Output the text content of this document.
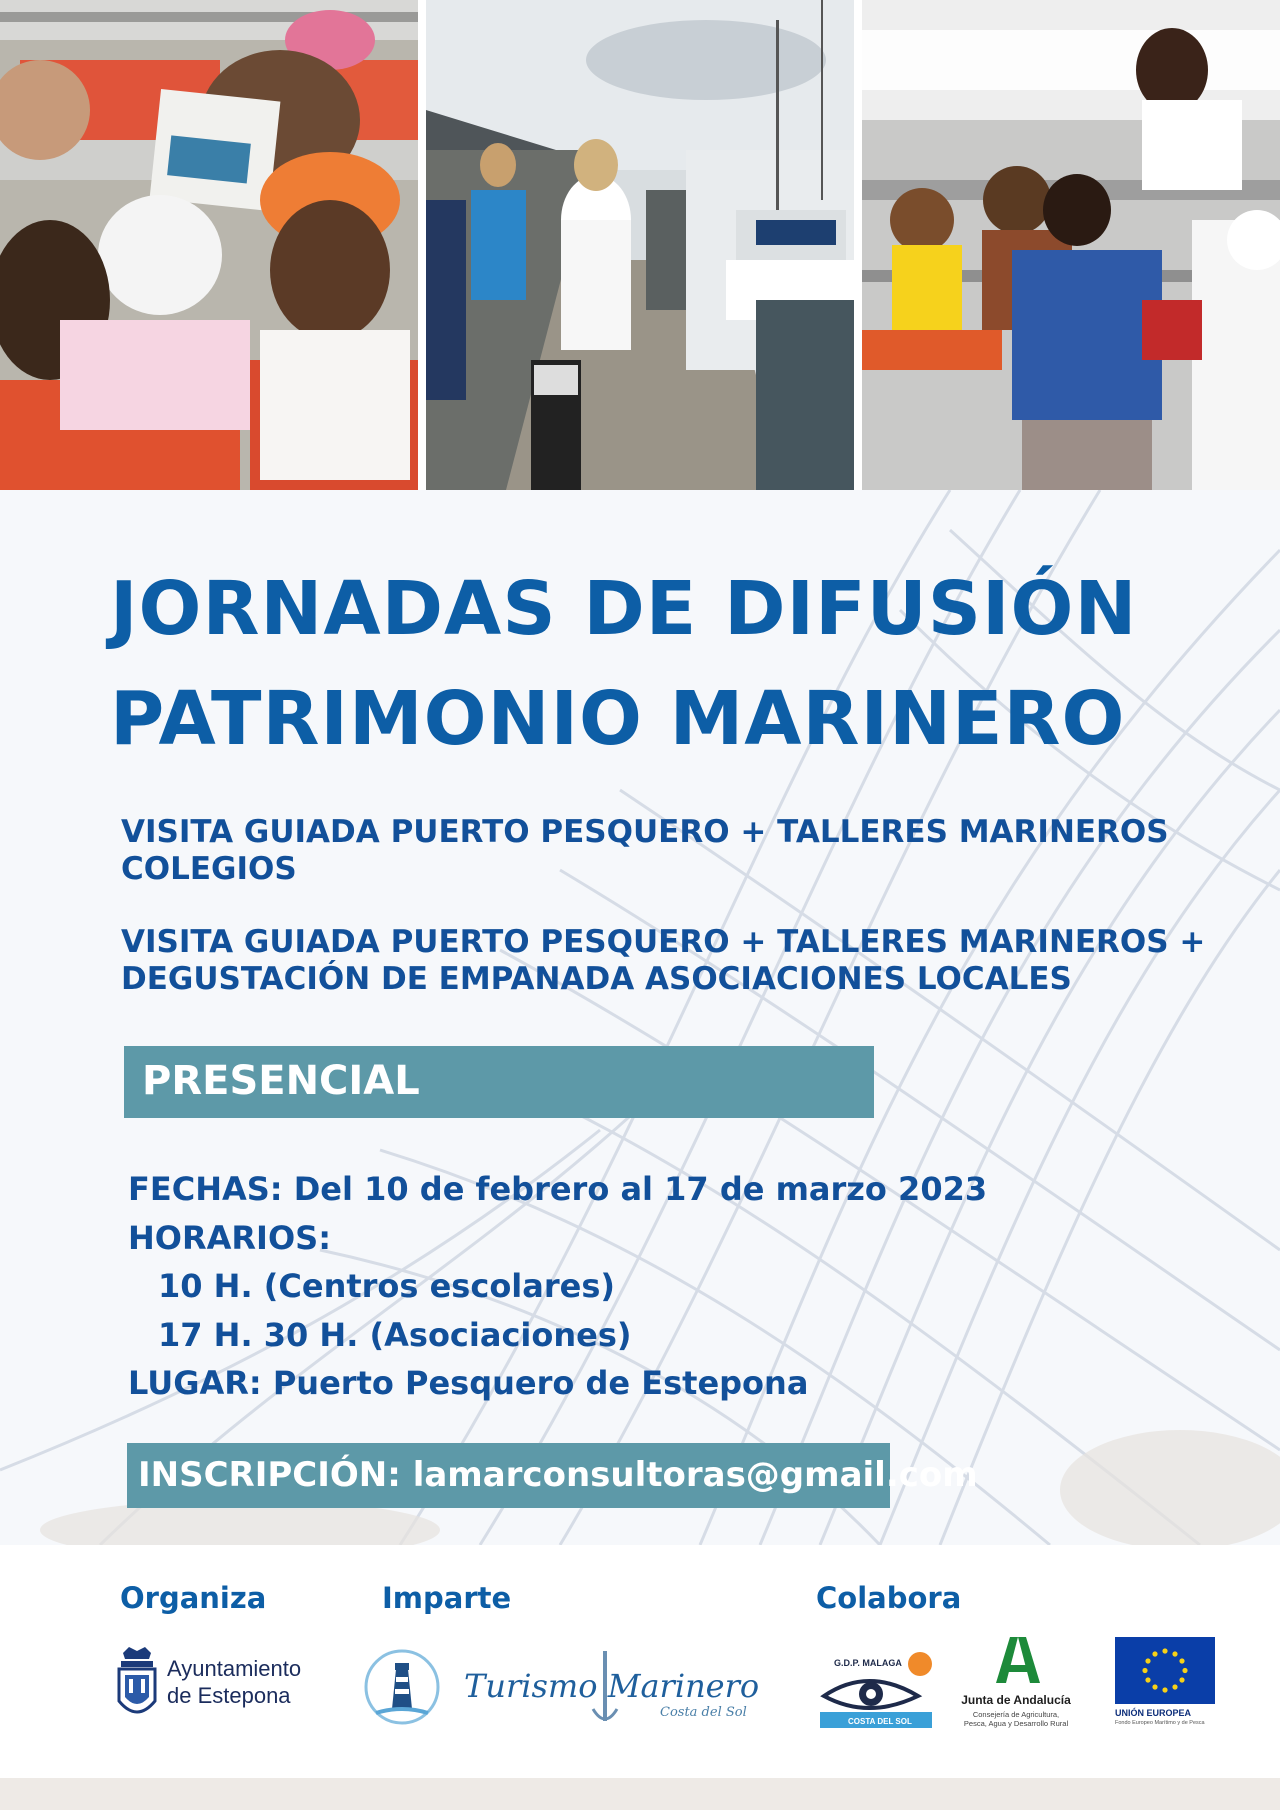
JORNADAS DE DIFUSIÓN
PATRIMONIO MARINERO
VISITA GUIADA PUERTO PESQUERO + TALLERES MARINEROS
COLEGIOS
VISITA GUIADA PUERTO PESQUERO + TALLERES MARINEROS +
DEGUSTACIÓN DE EMPANADA ASOCIACIONES LOCALES
PRESENCIAL
FECHAS: Del 10 de febrero al 17 de marzo 2023
HORARIOS:
10 H. (Centros escolares)
17 H. 30 H. (Asociaciones)
LUGAR: Puerto Pesquero de Estepona
INSCRIPCIÓN: lamarconsultoras@gmail.com
Organiza	Imparte	Colabora
Ayuntamiento
de Estepona	Turismo Marinero
Costa del Sol
G.D.P. MALAGA
COSTA DEL SOL
Junta de Andalucía
Consejería de Agricultura,
Pesca, Agua y Desarrollo Rural
UNIÓN EUROPEA
Fondo Europeo Marítimo y de Pesca
